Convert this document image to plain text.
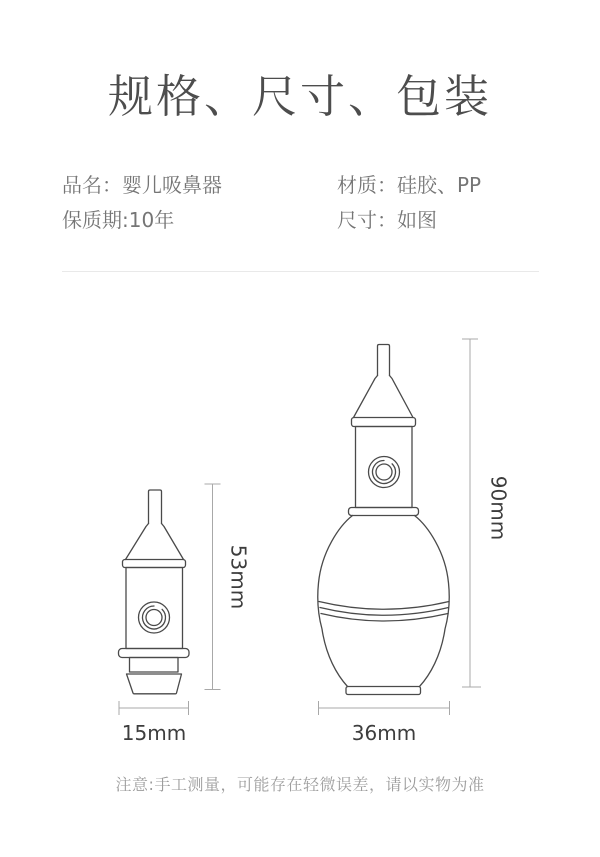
规格、尺寸、包装
品名：婴儿吸鼻器	材质：硅胶、PP
保质期:10年	尺寸：如图
53mm
15mm
90mm
36mm
注意:手工测量，可能存在轻微误差，请以实物为准
